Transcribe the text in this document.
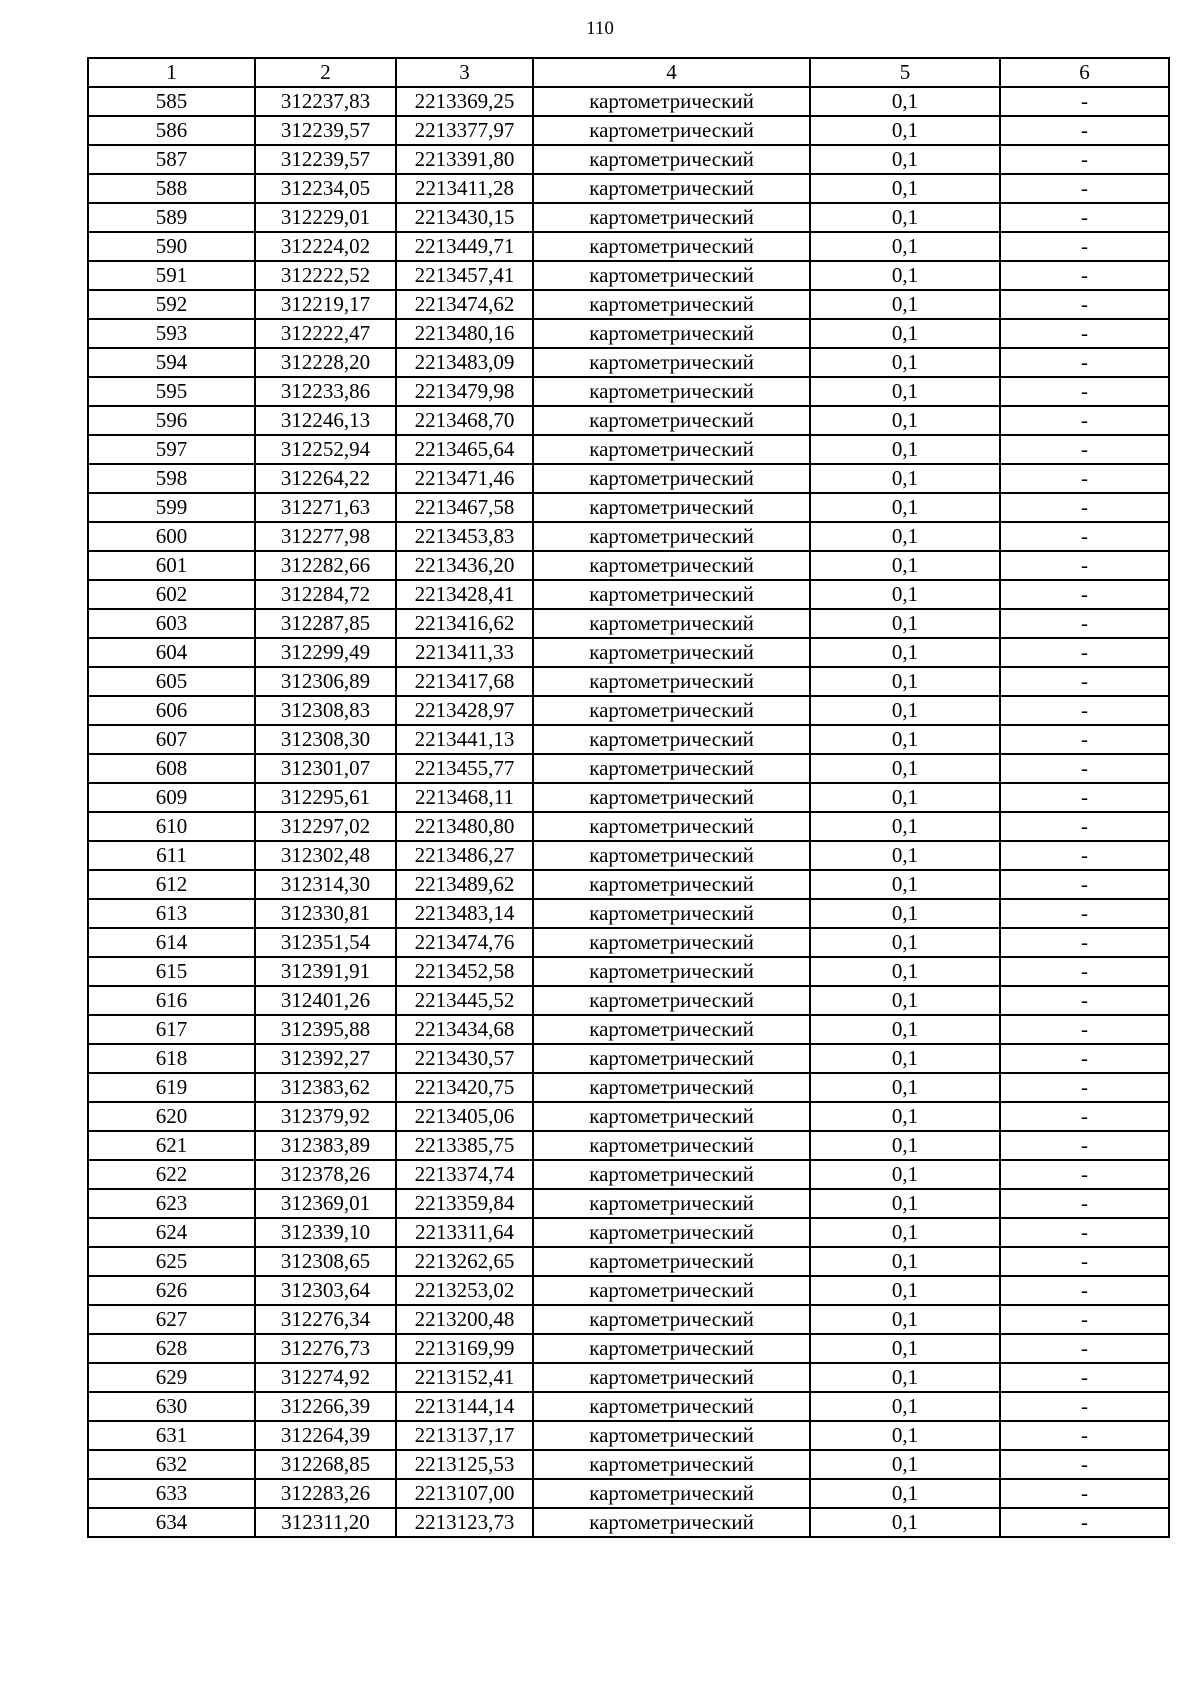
110
1	2	3	4	5	6
585	312237,83	2213369,25	картометрический	0,1	-
586	312239,57	2213377,97	картометрический	0,1	-
587	312239,57	2213391,80	картометрический	0,1	-
588	312234,05	2213411,28	картометрический	0,1	-
589	312229,01	2213430,15	картометрический	0,1	-
590	312224,02	2213449,71	картометрический	0,1	-
591	312222,52	2213457,41	картометрический	0,1	-
592	312219,17	2213474,62	картометрический	0,1	-
593	312222,47	2213480,16	картометрический	0,1	-
594	312228,20	2213483,09	картометрический	0,1	-
595	312233,86	2213479,98	картометрический	0,1	-
596	312246,13	2213468,70	картометрический	0,1	-
597	312252,94	2213465,64	картометрический	0,1	-
598	312264,22	2213471,46	картометрический	0,1	-
599	312271,63	2213467,58	картометрический	0,1	-
600	312277,98	2213453,83	картометрический	0,1	-
601	312282,66	2213436,20	картометрический	0,1	-
602	312284,72	2213428,41	картометрический	0,1	-
603	312287,85	2213416,62	картометрический	0,1	-
604	312299,49	2213411,33	картометрический	0,1	-
605	312306,89	2213417,68	картометрический	0,1	-
606	312308,83	2213428,97	картометрический	0,1	-
607	312308,30	2213441,13	картометрический	0,1	-
608	312301,07	2213455,77	картометрический	0,1	-
609	312295,61	2213468,11	картометрический	0,1	-
610	312297,02	2213480,80	картометрический	0,1	-
611	312302,48	2213486,27	картометрический	0,1	-
612	312314,30	2213489,62	картометрический	0,1	-
613	312330,81	2213483,14	картометрический	0,1	-
614	312351,54	2213474,76	картометрический	0,1	-
615	312391,91	2213452,58	картометрический	0,1	-
616	312401,26	2213445,52	картометрический	0,1	-
617	312395,88	2213434,68	картометрический	0,1	-
618	312392,27	2213430,57	картометрический	0,1	-
619	312383,62	2213420,75	картометрический	0,1	-
620	312379,92	2213405,06	картометрический	0,1	-
621	312383,89	2213385,75	картометрический	0,1	-
622	312378,26	2213374,74	картометрический	0,1	-
623	312369,01	2213359,84	картометрический	0,1	-
624	312339,10	2213311,64	картометрический	0,1	-
625	312308,65	2213262,65	картометрический	0,1	-
626	312303,64	2213253,02	картометрический	0,1	-
627	312276,34	2213200,48	картометрический	0,1	-
628	312276,73	2213169,99	картометрический	0,1	-
629	312274,92	2213152,41	картометрический	0,1	-
630	312266,39	2213144,14	картометрический	0,1	-
631	312264,39	2213137,17	картометрический	0,1	-
632	312268,85	2213125,53	картометрический	0,1	-
633	312283,26	2213107,00	картометрический	0,1	-
634	312311,20	2213123,73	картометрический	0,1	-
